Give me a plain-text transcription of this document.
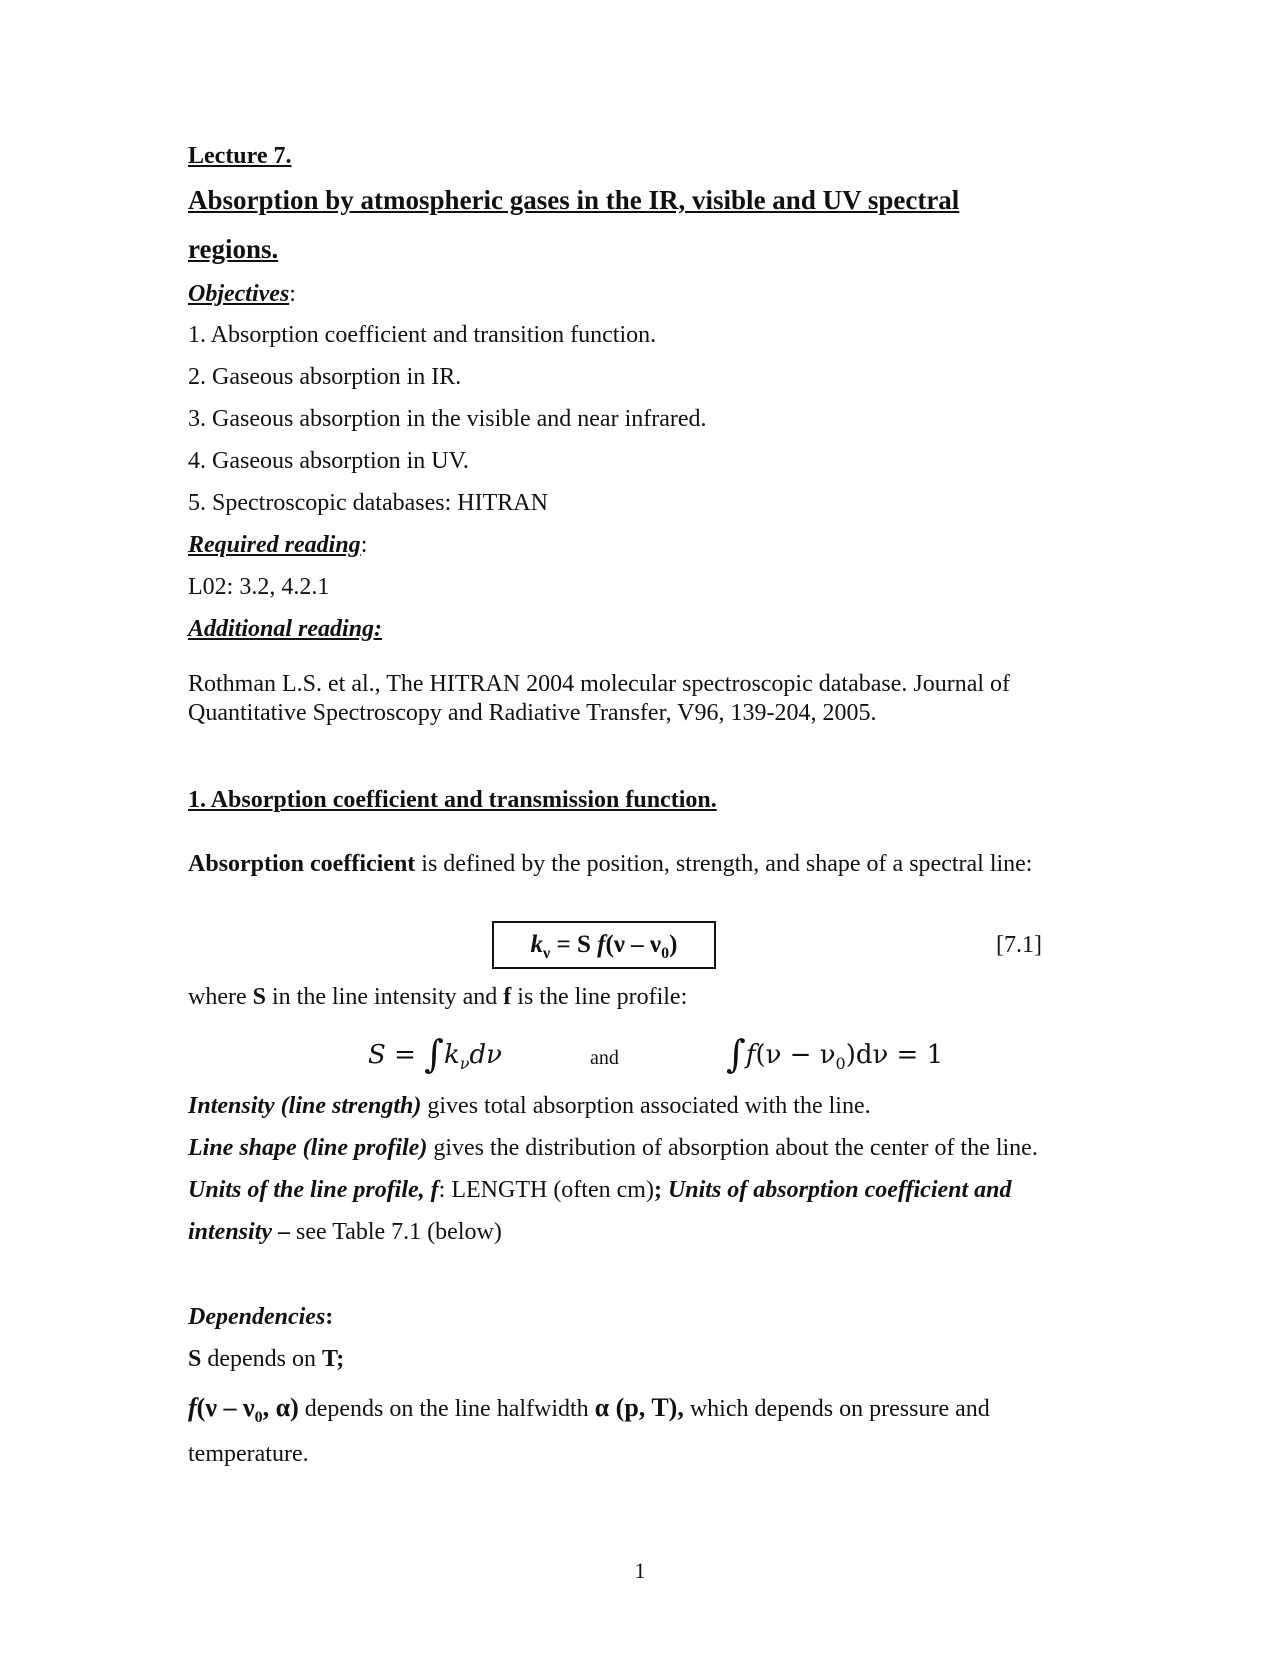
Lecture 7.
Absorption by atmospheric gases in the IR, visible and UV spectral
regions.
Objectives:
1. Absorption coefficient and transition function.
2. Gaseous absorption in IR.
3. Gaseous absorption in the visible and near infrared.
4. Gaseous absorption in UV.
5. Spectroscopic databases: HITRAN
Required reading:
L02: 3.2, 4.2.1
Additional reading:
Rothman L.S. et al., The HITRAN 2004 molecular spectroscopic database. Journal of Quantitative Spectroscopy and Radiative Transfer, V96, 139-204, 2005.
1. Absorption coefficient and transmission function.
Absorption coefficient is defined by the position, strength, and shape of a spectral line:
$k_\nu = S$ $f(\nu - \nu_0)$	[7.1]
where S in the line intensity and f is the line profile:
$S = \int k_\nu d\nu$	and	$\int f(\nu - \nu_0)d\nu = 1$
Intensity (line strength) gives total absorption associated with the line.
Line shape (line profile) gives the distribution of absorption about the center of the line.
Units of the line profile, f: LENGTH (often cm); Units of absorption coefficient and
intensity – see Table 7.1 (below)
Dependencies:
S depends on T;
$f(\nu - \nu_0$, α) depends on the line halfwidth α (p, T), which depends on pressure and
temperature.
1
